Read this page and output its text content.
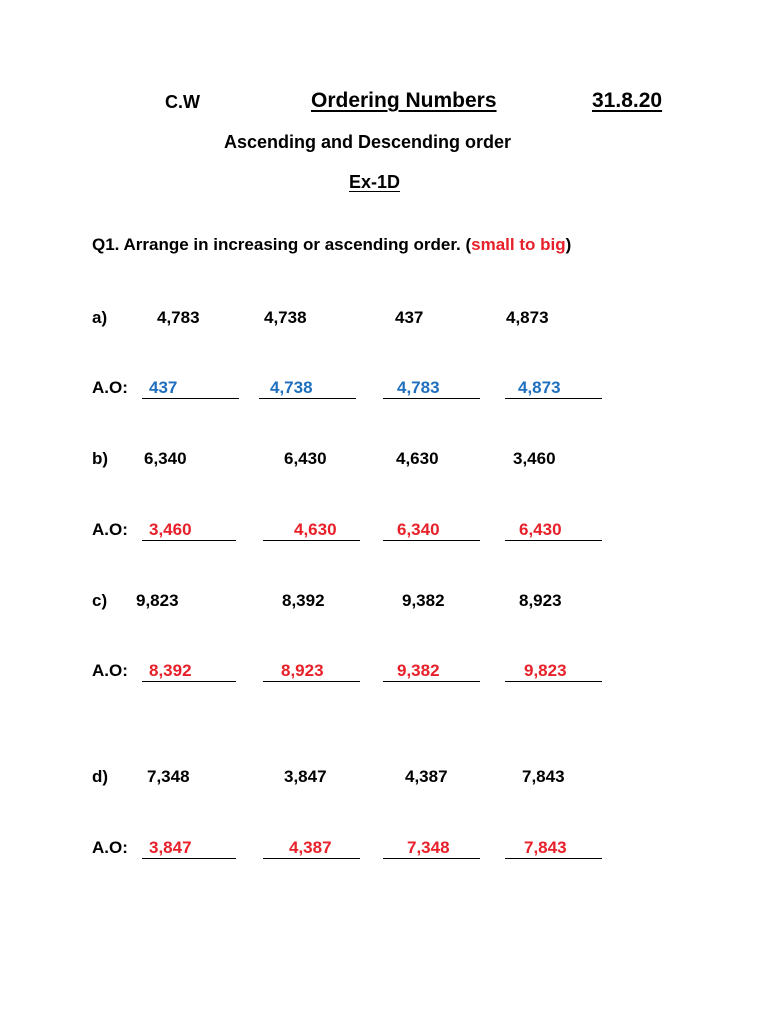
C.W	Ordering Numbers	31.8.20
Ascending and Descending order
Ex-1D
Q1. Arrange in increasing or ascending order. (small to big)
a)	4,783	4,738	437	4,873
A.O: 437	4,738	4,783	4,873
b) 6,340	6,430	4,630	3,460
A.O: 3,460	4,630	6,340	6,430
c) 9,823	8,392	9,382	8,923
A.O: 8,392	8,923	9,382	9,823
d) 7,348	3,847	4,387	7,843
A.O: 3,847	4,387	7,348	7,843
